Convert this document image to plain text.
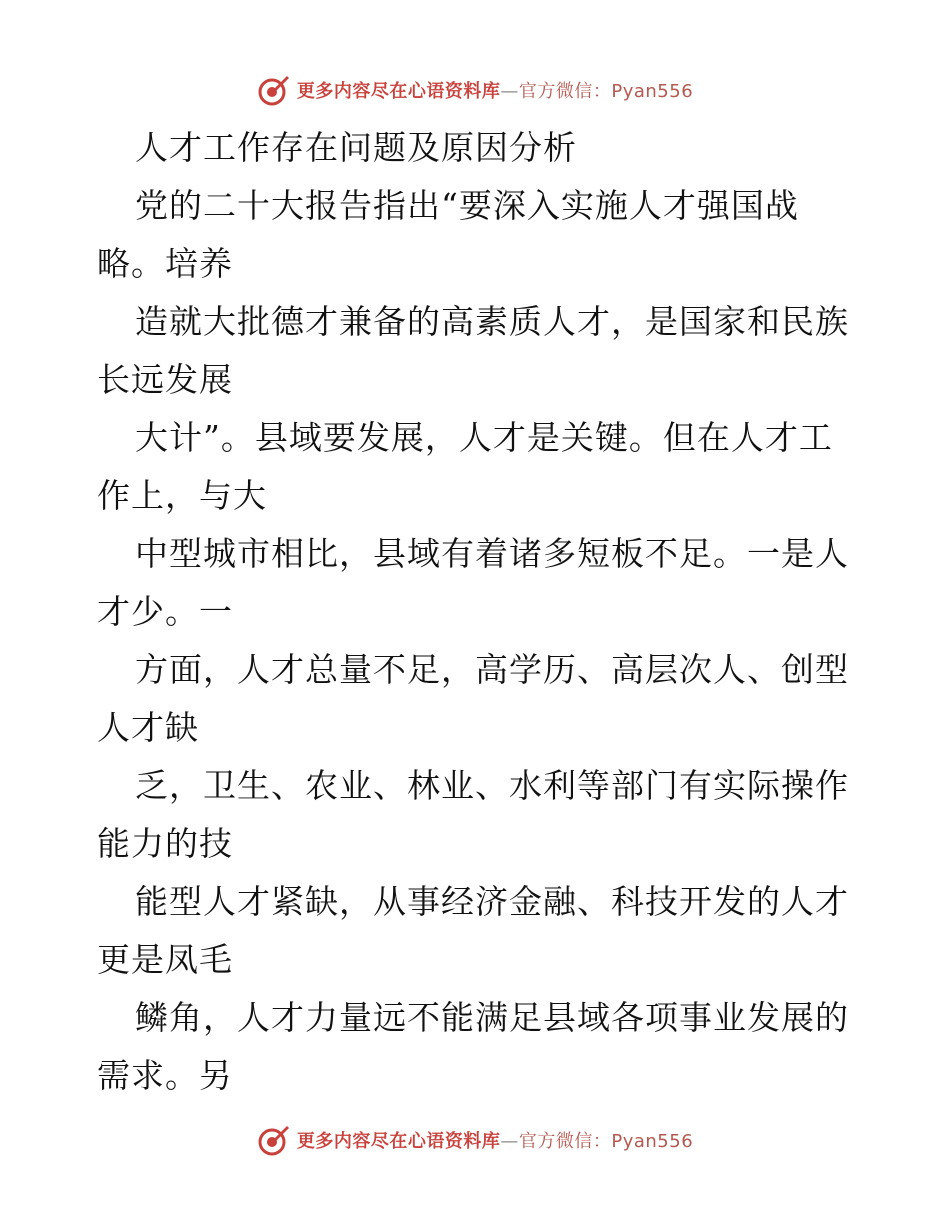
更多内容尽在心语资料库—官方微信：Pyan556
人才工作存在问题及原因分析
党的二十大报告指出“要深入实施人才强国战
略。培养
造就大批德才兼备的高素质人才，是国家和民族
长远发展
大计”。县域要发展，人才是关键。但在人才工
作上，与大
中型城市相比，县域有着诸多短板不足。一是人
才少。一
方面，人才总量不足，高学历、高层次人、创型
人才缺
乏，卫生、农业、林业、水利等部门有实际操作
能力的技
能型人才紧缺，从事经济金融、科技开发的人才
更是凤毛
鳞角，人才力量远不能满足县域各项事业发展的
需求。另
更多内容尽在心语资料库—官方微信：Pyan556
